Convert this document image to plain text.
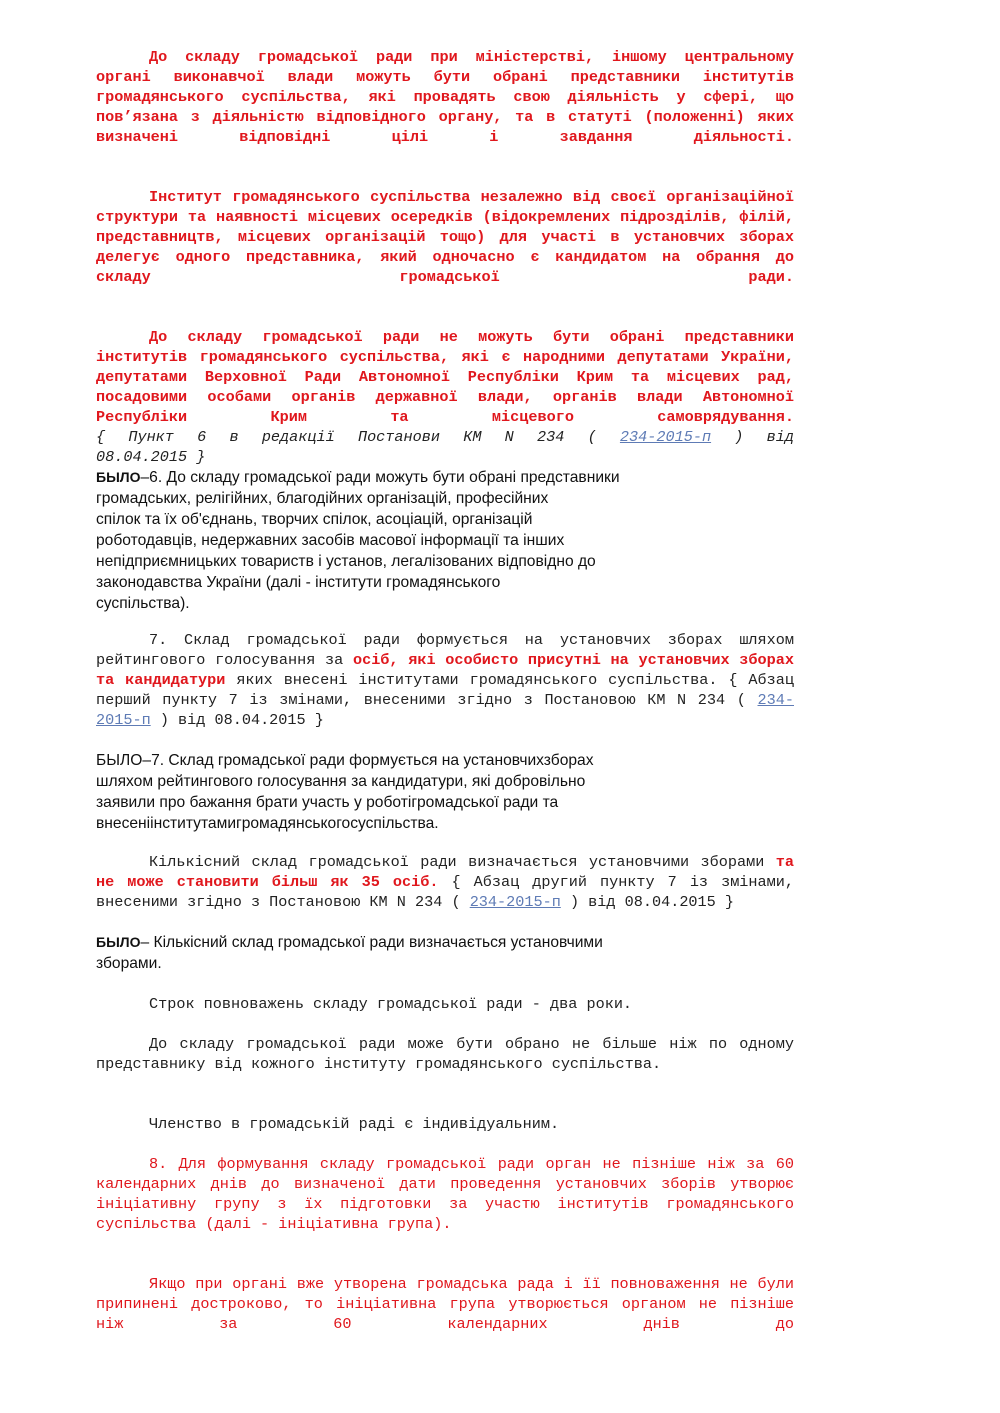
До складу громадської ради при міністерстві, іншому центральному органі виконавчої влади можуть бути обрані представники інститутів громадянського суспільства, які провадять свою діяльність у сфері, що пов’язана з діяльністю відповідного органу, та в статуті (положенні) яких визначені відповідні цілі і завдання діяльності.
Інститут громадянського суспільства незалежно від своєї організаційної структури та наявності місцевих осередків (відокремлених підрозділів, філій, представництв, місцевих організацій тощо) для участі в установчих зборах делегує одного представника, який одночасно є кандидатом на обрання до складу громадської ради.
До складу громадської ради не можуть бути обрані представники інститутів громадянського суспільства, які є народними депутатами України, депутатами Верховної Ради Автономної Республіки Крим та місцевих рад, посадовими особами органів державної влади, органів влади Автономної Республіки Крим та місцевого самоврядування.
{ Пункт 6 в редакції Постанови КМ N 234 ( 234-2015-п ) від
08.04.2015 }
БЫЛО–6. До складу громадської ради можуть бути обрані представники
громадських, релігійних, благодійних організацій, професійних
спілок та їх об'єднань, творчих спілок, асоціацій, організацій
роботодавців, недержавних засобів масової інформації та інших
непідприємницьких товариств і установ, легалізованих відповідно до
законодавства України (далі - інститути громадянського
суспільства).
7. Склад громадської ради формується на установчих зборах шляхом рейтингового голосування за осіб, які особисто присутні на установчих зборах та кандидатури яких внесені інститутами громадянського суспільства. { Абзац перший пункту 7 із змінами, внесеними згідно з Постановою КМ N 234 ( 234-2015-п ) від 08.04.2015 }
БЫЛО–7. Склад громадської ради формується на установчихзборах
шляхом рейтингового голосування за кандидатури, які добровільно
заявили про бажання брати участь у роботігромадської ради та
внесеніінститутамигромадянськогосуспільства.
Кількісний склад громадської ради визначається установчими зборами та не може становити більш як 35 осіб. { Абзац другий пункту 7 із змінами, внесеними згідно з Постановою КМ N 234 ( 234-2015-п ) від 08.04.2015 }
БЫЛО– Кількісний склад громадської ради визначається установчими
зборами.
Строк повноважень складу громадської ради - два роки.
До складу громадської ради може бути обрано не більше ніж по одному представнику від кожного інституту громадянського суспільства.
Членство в громадській раді є індивідуальним.
8. Для формування складу громадської ради орган не пізніше ніж за 60 календарних днів до визначеної дати проведення установчих зборів утворює ініціативну групу з їх підготовки за участю інститутів громадянського суспільства (далі - ініціативна група).
Якщо при органі вже утворена громадська рада і її повноваження не були припинені достроково, то ініціативна група утворюється органом не пізніше ніж за 60 календарних днів до
